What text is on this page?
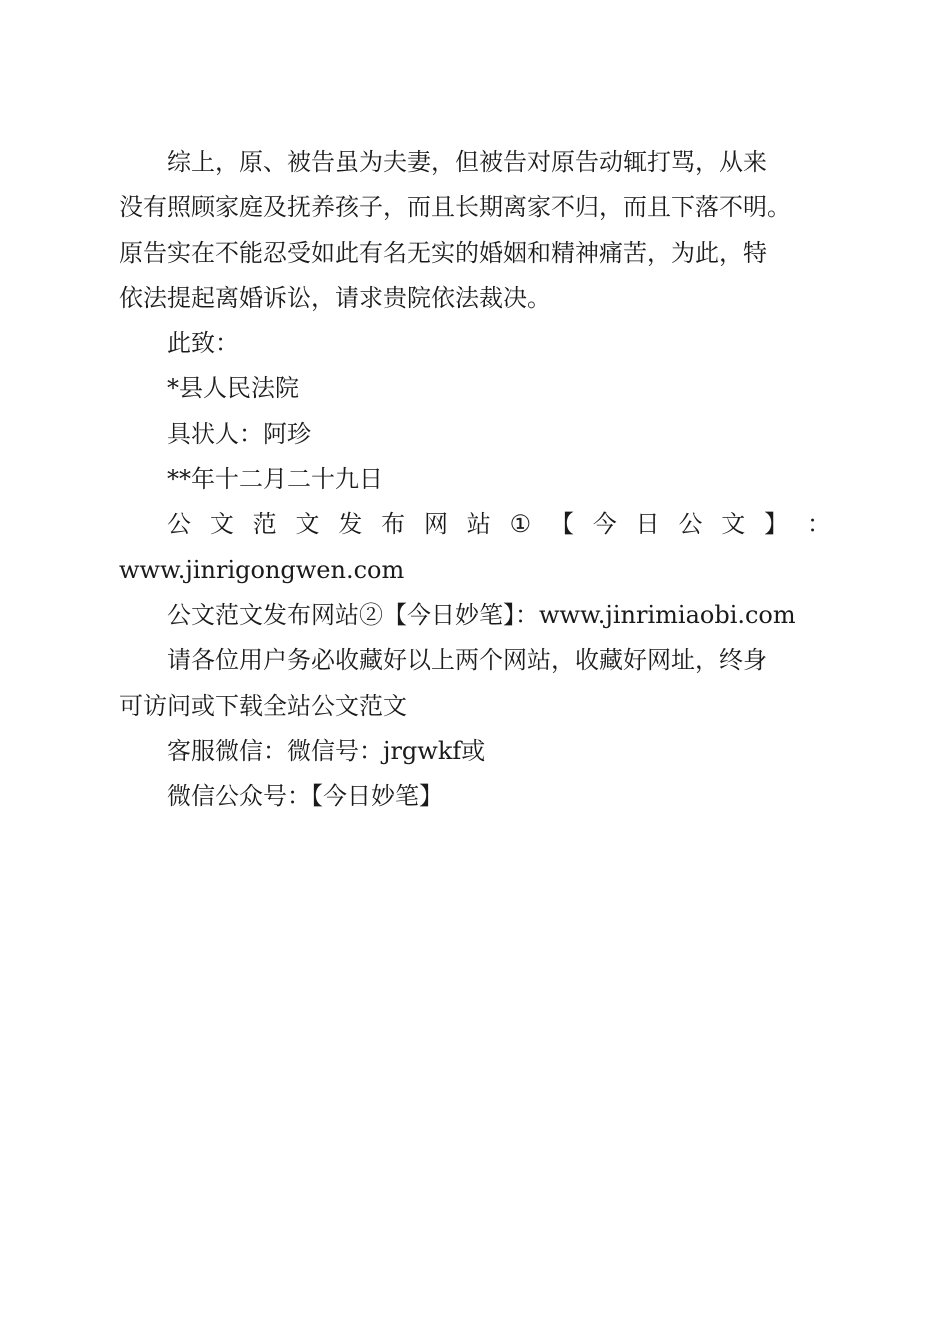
综上，原、被告虽为夫妻，但被告对原告动辄打骂，从来
没有照顾家庭及抚养孩子，而且长期离家不归，而且下落不明。
原告实在不能忍受如此有名无实的婚姻和精神痛苦，为此，特
依法提起离婚诉讼，请求贵院依法裁决。
此致：
*县人民法院
具状人：阿珍
**年十二月二十九日
公 文 范 文 发 布 网 站 ① 【 今 日 公 文 】 ：
www.jinrigongwen.com
公文范文发布网站②【今日妙笔】：www.jinrimiaobi.com
请各位用户务必收藏好以上两个网站，收藏好网址，终身
可访问或下载全站公文范文
客服微信：微信号：jrgwkf或
微信公众号：【今日妙笔】
